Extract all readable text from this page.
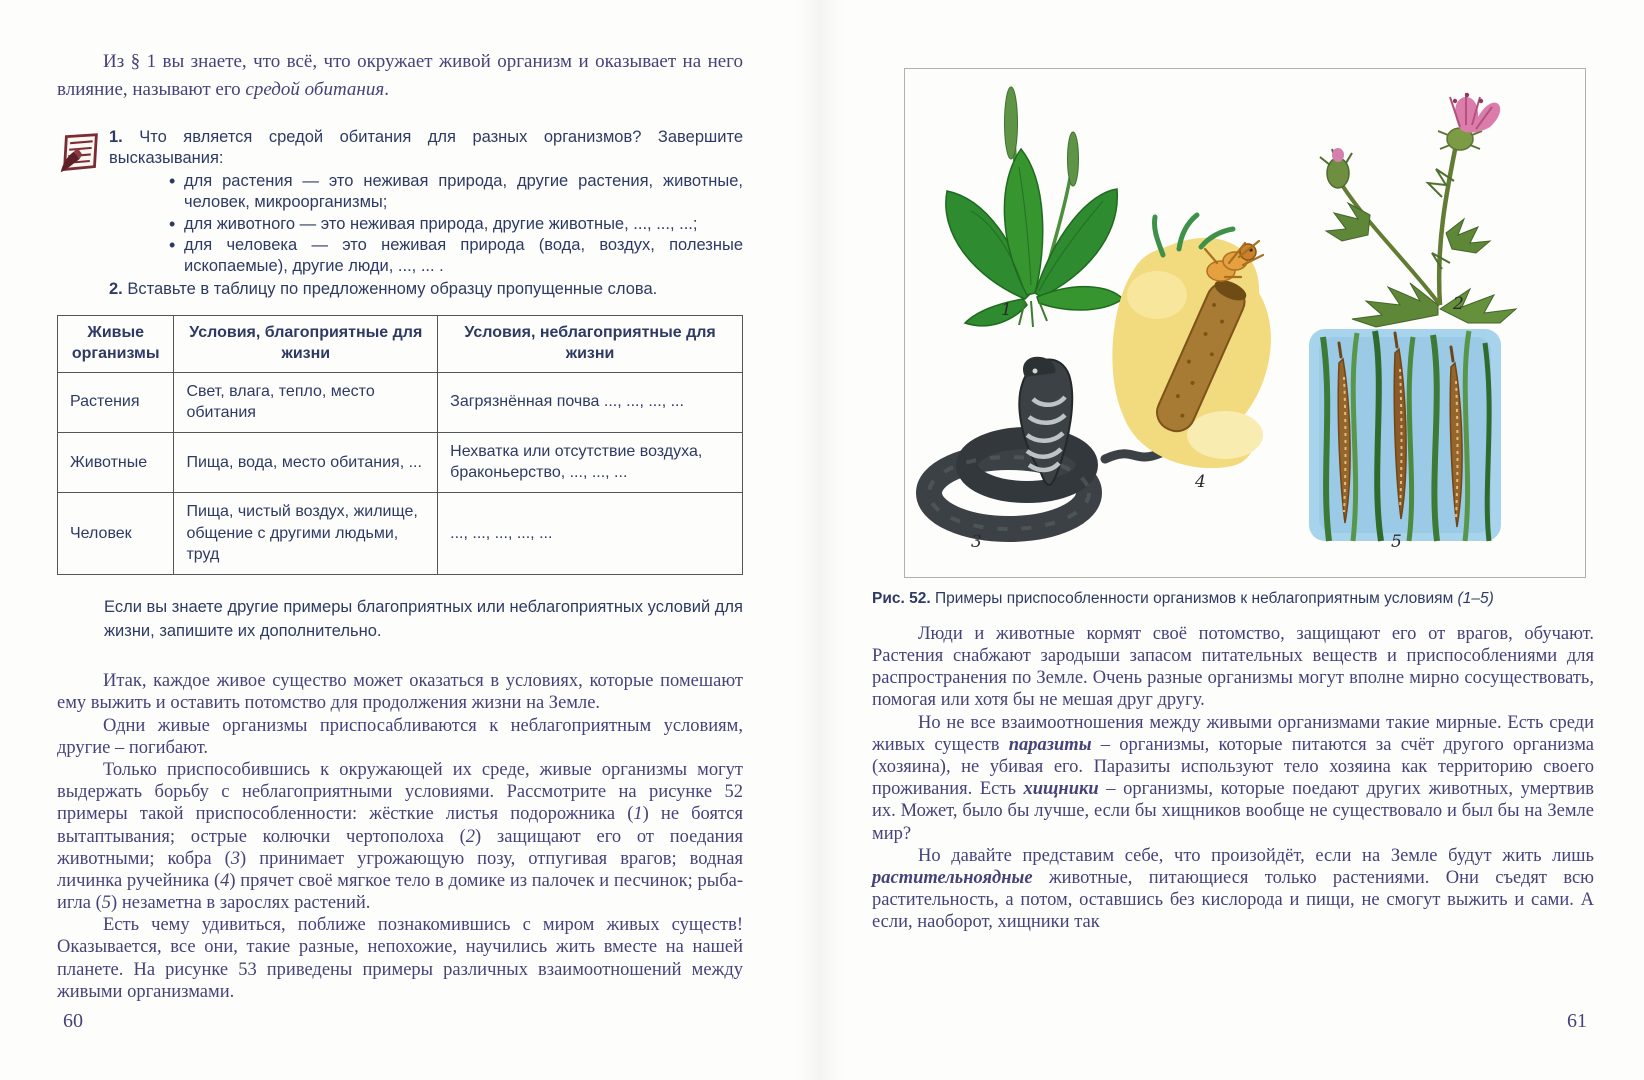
Из § 1 вы знаете, что всё, что окружает живой организм и оказывает на него влияние, называют его средой обитания.

1. Что является средой обитания для разных организмов? Завершите высказывания:

• для растения — это неживая природа, другие растения, животные, человек, микроорганизмы;
• для животного — это неживая природа, другие животные, ..., ..., ...;
• для человека — это неживая природа (вода, воздух, полезные ископаемые), другие люди, ..., ... .

2. Вставьте в таблицу по предложенному образцу пропущенные слова.

Живые организмы	Условия, благоприятные для жизни	Условия, неблагоприятные для жизни
Растения	Свет, влага, тепло, место обитания	Загрязнённая почва ..., ..., ..., ...
Животные	Пища, вода, место обитания, ...	Нехватка или отсутствие воздуха, браконьерство, ..., ..., ...
Человек	Пища, чистый воздух, жилище, общение с другими людьми, труд	..., ..., ..., ..., ...

Если вы знаете другие примеры благоприятных или неблагоприятных условий для жизни, запишите их дополнительно.

Итак, каждое живое существо может оказаться в условиях, которые помешают ему выжить и оставить потомство для продолжения жизни на Земле.

Одни живые организмы приспосабливаются к неблагоприятным условиям, другие – погибают.

Только приспособившись к окружающей их среде, живые организмы могут выдержать борьбу с неблагоприятными условиями. Рассмотрите на рисунке 52 примеры такой приспособленности: жёсткие листья подорожника (1) не боятся вытаптывания; острые колючки чертополоха (2) защищают его от поедания животными; кобра (3) принимает угрожающую позу, отпугивая врагов; водная личинка ручейника (4) прячет своё мягкое тело в домике из палочек и песчинок; рыба-игла (5) незаметна в зарослях растений.

Есть чему удивиться, поближе познакомившись с миром живых существ! Оказывается, все они, такие разные, непохожие, научились жить вместе на нашей планете. На рисунке 53 приведены примеры различных взаимоотношений между живыми организмами.

1	2
3
4
5

Рис. 52. Примеры приспособленности организмов к неблагоприятным условиям (1–5)

Люди и животные кормят своё потомство, защищают его от врагов, обучают. Растения снабжают зародыши запасом питательных веществ и приспособлениями для распространения по Земле. Очень разные организмы могут вполне мирно сосуществовать, помогая или хотя бы не мешая друг другу.

Но не все взаимоотношения между живыми организмами такие мирные. Есть среди живых существ паразиты – организмы, которые питаются за счёт другого организма (хозяина), не убивая его. Паразиты используют тело хозяина как территорию своего проживания. Есть хищники – организмы, которые поедают других животных, умертвив их. Может, было бы лучше, если бы хищников вообще не существовало и был бы на Земле мир?

Но давайте представим себе, что произойдёт, если на Земле будут жить лишь растительноядные животные, питающиеся только растениями. Они съедят всю растительность, а потом, оставшись без кислорода и пищи, не смогут выжить и сами. А если, наоборот, хищники так

60	61
